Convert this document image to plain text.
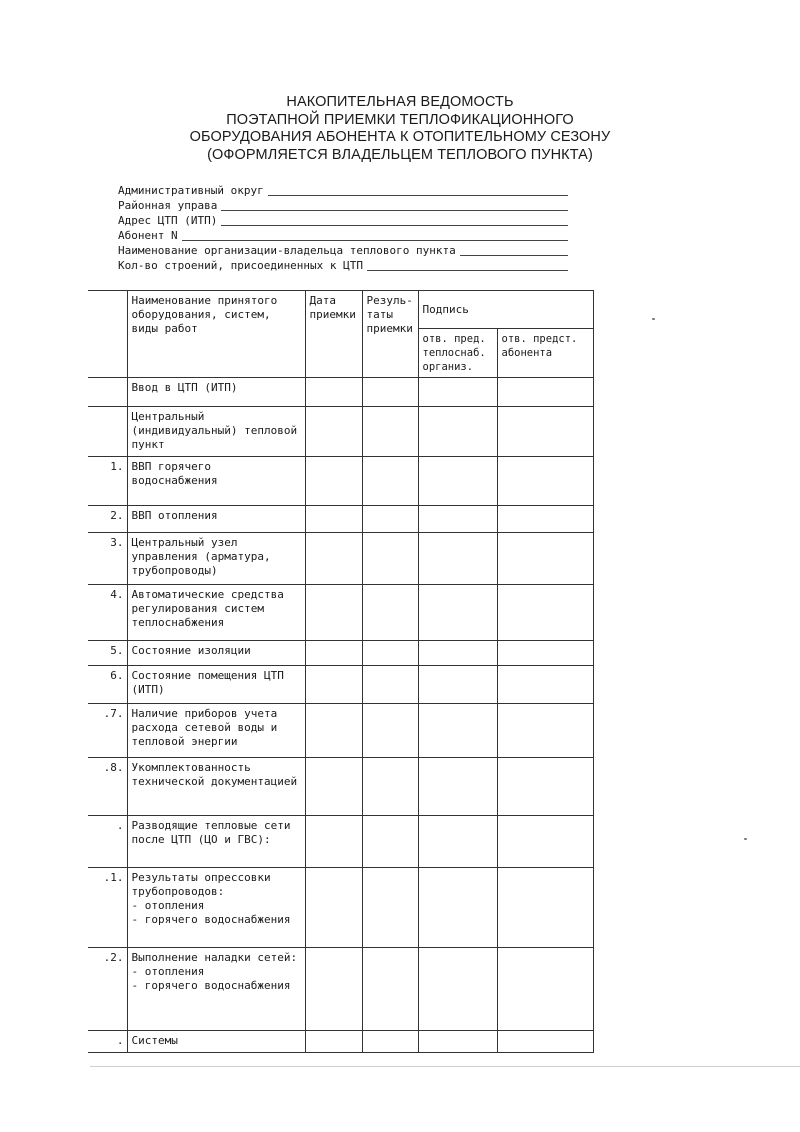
НАКОПИТЕЛЬНАЯ ВЕДОМОСТЬ
ПОЭТАПНОЙ ПРИЕМКИ ТЕПЛОФИКАЦИОННОГО
ОБОРУДОВАНИЯ АБОНЕНТА К ОТОПИТЕЛЬНОМУ СЕЗОНУ
(ОФОРМЛЯЕТСЯ ВЛАДЕЛЬЦЕМ ТЕПЛОВОГО ПУНКТА)
Административный округ
Районная управа
Адрес ЦТП (ИТП)
Абонент N
Наименование организации-владельца теплового пункта
Кол-во строений, присоединенных к ЦТП
	Наименование принятого оборудования, систем, виды работ	Дата приемки	Резуль-таты приемки	Подпись	
				отв. пред. теплоснаб. организ.	отв. предст. абонента
	Ввод в ЦТП (ИТП)				
	Центральный (индивидуальный) тепловой пункт				
1.	ВВП горячего водоснабжения				
2.	ВВП отопления				
3.	Центральный узел управления (арматура, трубопроводы)				
4.	Автоматические средства регулирования систем теплоснабжения				
5.	Состояние изоляции				
6.	Состояние помещения ЦТП (ИТП)				
.7.	Наличие приборов учета расхода сетевой воды и тепловой энергии				
.8.	Укомплектованность технической документацией				
.	Разводящие тепловые сети после ЦТП (ЦО и ГВС):				
.1.	Результаты опрессовки трубопроводов:
- отопления
- горячего водоснабжения				
.2.	Выполнение наладки сетей:
- отопления
- горячего водоснабжения				
.	Системы				
